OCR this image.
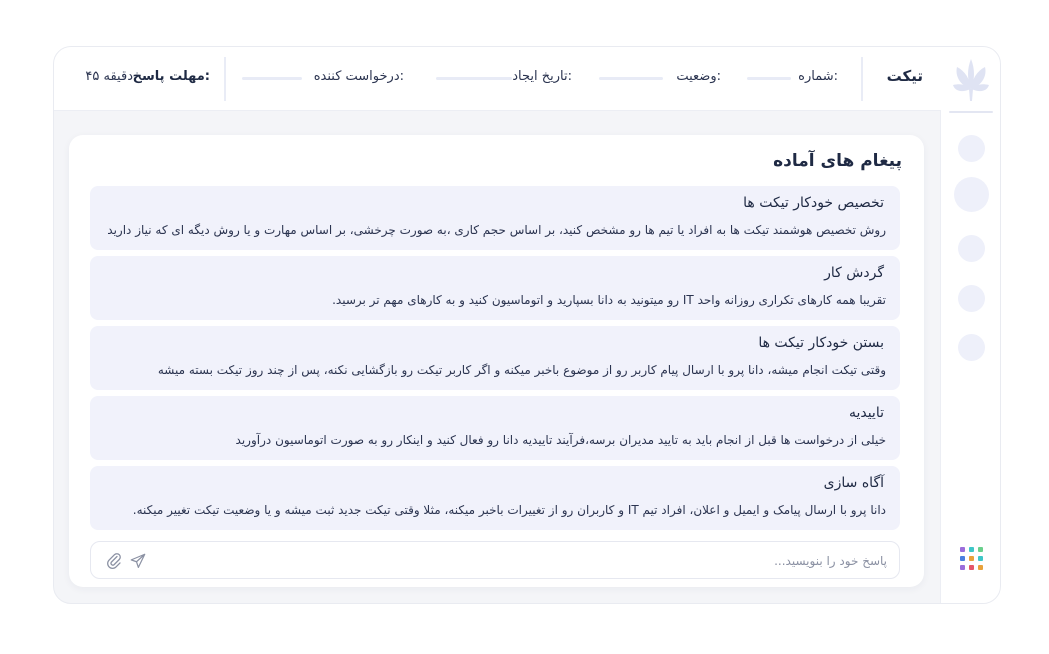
تیکت
شماره:
وضعیت:
تاریخ ایجاد:
درخواست کننده:
مهلت پاسخ:
۴۵ دقیقه
پیغام های آماده
تخصیص خودکار تیکت ها
روش تخصیص هوشمند تیکت ها به افراد یا تیم ها رو مشخص کنید، بر اساس حجم کاری ،به صورت چرخشی، بر اساس مهارت و یا روش دیگه ای که نیاز دارید
گردش کار
تقریبا همه کارهای تکراری روزانه واحد IT رو میتونید به دانا بسپارید و اتوماسیون کنید و به کارهای مهم تر برسید.
بستن خودکار تیکت ها
وقتی تیکت انجام میشه، دانا پرو با ارسال پیام کاربر رو از موضوع باخبر میکنه و اگر کاربر تیکت رو بازگشایی نکنه، پس از چند روز تیکت بسته میشه
تاییدیه
خیلی از درخواست ها قبل از انجام باید به تایید مدیران برسه،فرآیند تاییدیه دانا رو فعال کنید و اینکار رو به صورت اتوماسیون درآورید
آگاه سازی
دانا پرو با ارسال پیامک و ایمیل و اعلان، افراد تیم IT و کاربران رو از تغییرات باخبر میکنه، مثلا وقتی تیکت جدید ثبت میشه و یا وضعیت تیکت تغییر میکنه.
پاسخ خود را بنویسید...
